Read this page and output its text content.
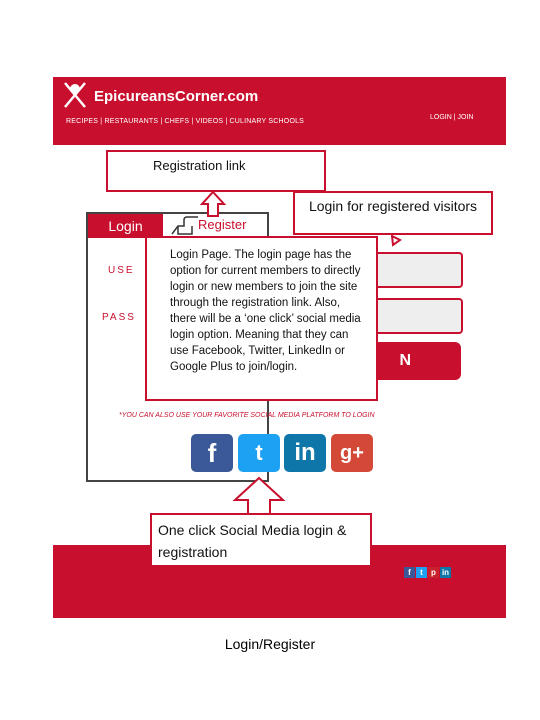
EpicureansCorner.com
RECIPES | RESTAURANTS | CHEFS | VIDEOS | CULINARY SCHOOLS
LOGIN | JOIN
Login	Register
USE
PASS
N
*YOU CAN ALSO USE YOUR FAVORITE SOCIAL MEDIA PLATFORM TO LOGIN
f	t	in	g+
f t p in
Registration link
Login for registered visitors
Login Page. The login page has the option for current members to directly login or new members to join the site through the registration link. Also, there will be a ‘one click’ social media login option. Meaning that they can use Facebook, Twitter, LinkedIn or Google Plus to join/login.
One click Social Media login & registration
Login/Register
